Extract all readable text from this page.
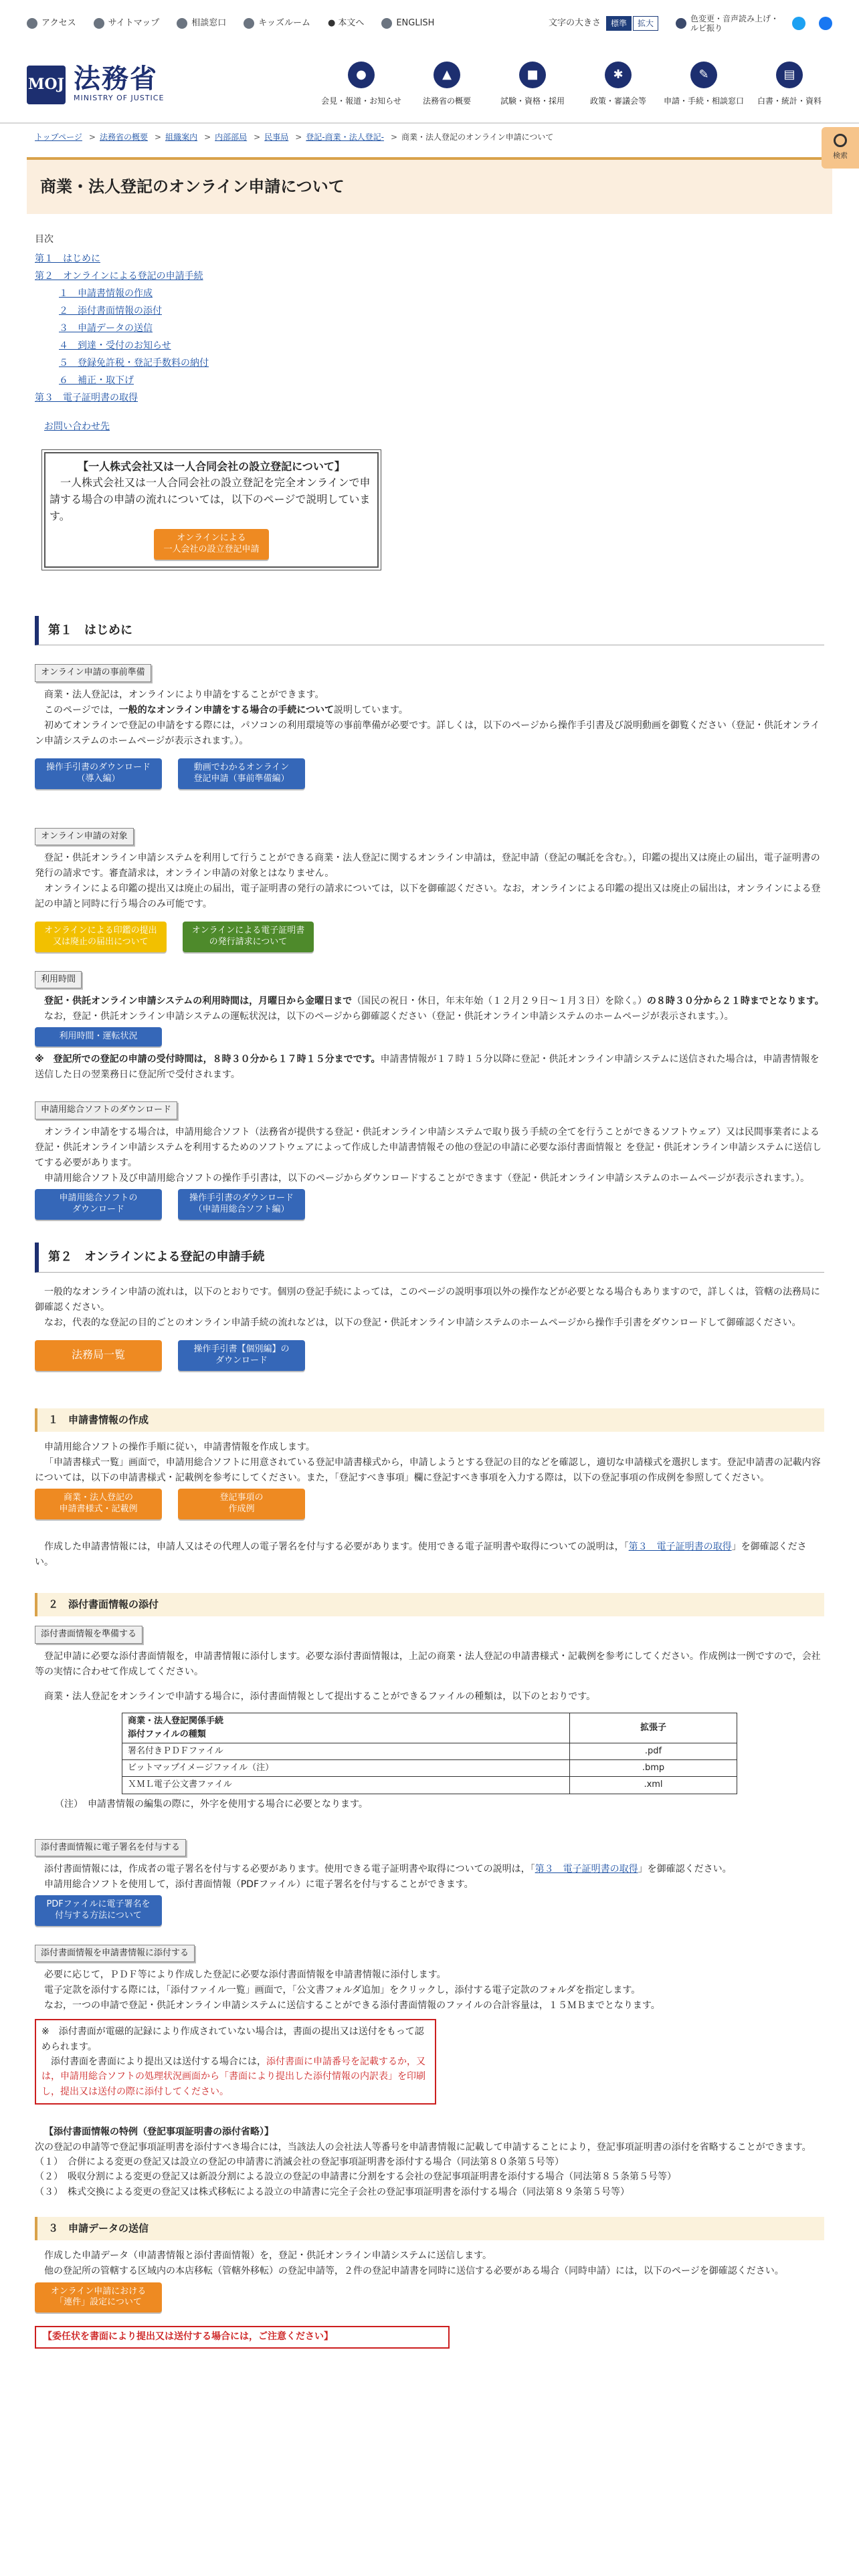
アクセス	サイトマップ	相談窓口	キッズルーム ● 本文へ	ENGLISH	文字の大きさ	標準	拡大
色変更・音声読み上げ・
ルビ振り
MOJ 法務省
MINISTRY OF JUSTICE
●
会見・報道・お知らせ
▲
法務省の概要
■
試験・資格・採用
✱
政策・審議会等
✎
申請・手続・相談窓口
▤
白書・統計・資料
トップページ > 法務省の概要 > 組織案内 > 内部部局 > 民事局 > 登記-商業・法人登記- > 商業・法人登記のオンライン申請について
検索
商業・法人登記のオンライン申請について
目次
第１　はじめに
第２　オンラインによる登記の申請手続
１　申請書情報の作成
２　添付書面情報の添付
３　申請データの送信
４　到達・受付のお知らせ
５　登録免許税・登記手数料の納付
６　補正・取下げ
第３　電子証明書の取得
お問い合わせ先
【一人株式会社又は一人合同会社の設立登記について】
一人株式会社又は一人合同会社の設立登記を完全オンラインで申請する場合の申請の流れについては，以下のページで説明しています。
オンラインによる
一人会社の設立登記申請
第１　はじめに
オンライン申請の事前準備

商業・法人登記は，オンラインにより申請をすることができます。

このページでは，一般的なオンライン申請をする場合の手続について説明しています。

初めてオンラインで登記の申請をする際には，パソコンの利用環境等の事前準備が必要です。詳しくは，以下のページから操作手引書及び説明動画を御覧ください（登記・供託オンライン申請システムのホームページが表示されます。）。

操作手引書のダウンロード
（導入編）
動画でわかるオンライン
登記申請（事前準備編）
オンライン申請の対象

登記・供託オンライン申請システムを利用して行うことができる商業・法人登記に関するオンライン申請は，登記申請（登記の嘱託を含む。），印鑑の提出又は廃止の届出，電子証明書の発行の請求です。審査請求は，オンライン申請の対象とはなりません。

オンラインによる印鑑の提出又は廃止の届出，電子証明書の発行の請求については，以下を御確認ください。なお，オンラインによる印鑑の提出又は廃止の届出は，オンラインによる登記の申請と同時に行う場合のみ可能です。

オンラインによる印鑑の提出
又は廃止の届出について
オンラインによる電子証明書
の発行請求について
利用時間

登記・供託オンライン申請システムの利用時間は，月曜日から金曜日まで（国民の祝日・休日，年末年始（１２月２９日～１月３日）を除く。）の８時３０分から２１時までとなります。

なお，登記・供託オンライン申請システムの運転状況は，以下のページから御確認ください（登記・供託オンライン申請システムのホームページが表示されます。）。

利用時間・運転状況

※　登記所での登記の申請の受付時間は，８時３０分から１７時１５分までです。申請書情報が１７時１５分以降に登記・供託オンライン申請システムに送信された場合は，申請書情報を送信した日の翌業務日に登記所で受付されます。

申請用総合ソフトのダウンロード

オンライン申請をする場合は，申請用総合ソフト（法務省が提供する登記・供託オンライン申請システムで取り扱う手続の全てを行うことができるソフトウェア）又は民間事業者による登記・供託オンライン申請システムを利用するためのソフトウェアによって作成した申請書情報その他の登記の申請に必要な添付書面情報と を登記・供託オンライン申請システムに送信してする必要があります。

申請用総合ソフト及び申請用総合ソフトの操作手引書は，以下のページからダウンロードすることができます（登記・供託オンライン申請システムのホームページが表示されます。）。

申請用総合ソフトの
ダウンロード
操作手引書のダウンロード
（申請用総合ソフト編）
第２　オンラインによる登記の申請手続

一般的なオンライン申請の流れは，以下のとおりです。個別の登記手続によっては，このページの説明事項以外の操作などが必要となる場合もありますので，詳しくは，管轄の法務局に御確認ください。

なお，代表的な登記の目的ごとのオンライン申請手続の流れなどは，以下の登記・供託オンライン申請システムのホームページから操作手引書をダウンロードして御確認ください。

法務局一覧	操作手引書【個別編】の
ダウンロード
１　申請書情報の作成

申請用総合ソフトの操作手順に従い，申請書情報を作成します。

「申請書様式一覧」画面で，申請用総合ソフトに用意されている登記申請書様式から，申請しようとする登記の目的などを確認し，適切な申請様式を選択します。登記申請書の記載内容については，以下の申請書様式・記載例を参考にしてください。また，「登記すべき事項」欄に登記すべき事項を入力する際は，以下の登記事項の作成例を参照してください。

商業・法人登記の
申請書様式・記載例
登記事項の
作成例

作成した申請書情報には，申請人又はその代理人の電子署名を付与する必要があります。使用できる電子証明書や取得についての説明は，「第３　電子証明書の取得」を御確認ください。

２　添付書面情報の添付
添付書面情報を準備する

登記申請に必要な添付書面情報を，申請書情報に添付します。必要な添付書面情報は，上記の商業・法人登記の申請書様式・記載例を参考にしてください。作成例は一例ですので，会社等の実情に合わせて作成してください。

商業・法人登記をオンラインで申請する場合に，添付書面情報として提出することができるファイルの種類は，以下のとおりです。

商業・法人登記関係手続
添付ファイルの種類	拡張子
署名付きＰＤＦファイル	.pdf
ビットマップイメージファイル（注）	.bmp
ＸＭＬ電子公文書ファイル	.xml

（注）　申請書情報の編集の際に，外字を使用する場合に必要となります。

添付書面情報に電子署名を付与する

添付書面情報には，作成者の電子署名を付与する必要があります。使用できる電子証明書や取得についての説明は，「第３　電子証明書の取得」を御確認ください。

申請用総合ソフトを使用して，添付書面情報（PDFファイル）に電子署名を付与することができます。

PDFファイルに電子署名を
付与する方法について
添付書面情報を申請書情報に添付する

必要に応じて，ＰＤＦ等により作成した登記に必要な添付書面情報を申請書情報に添付します。

電子定款を添付する際には，「添付ファイル一覧」画面で，「公文書フォルダ追加」をクリックし，添付する電子定款のフォルダを指定します。

なお，一つの申請で登記・供託オンライン申請システムに送信することができる添付書面情報のファイルの合計容量は，１５ＭＢまでとなります。

※　添付書面が電磁的記録により作成されていない場合は，書面の提出又は送付をもって認められます。
添付書面を書面により提出又は送付する場合には，添付書面に申請番号を記載するか，又は，申請用総合ソフトの処理状況画面から「書面により提出した添付情報の内訳表」を印刷し，提出又は送付の際に添付してください。
【添付書面情報の特例（登記事項証明書の添付省略）】
次の登記の申請等で登記事項証明書を添付すべき場合には，当該法人の会社法人等番号を申請書情報に記載して申請することにより，登記事項証明書の添付を省略することができます。
（１）　合併による変更の登記又は設立の登記の申請書に消滅会社の登記事項証明書を添付する場合（同法第８０条第５号等）
（２）　吸収分割による変更の登記又は新設分割による設立の登記の申請書に分割をする会社の登記事項証明書を添付する場合（同法第８５条第５号等）
（３）　株式交換による変更の登記又は株式移転による設立の申請書に完全子会社の登記事項証明書を添付する場合（同法第８９条第５号等）
３　申請データの送信

作成した申請データ（申請書情報と添付書面情報）を，登記・供託オンライン申請システムに送信します。

他の登記所の管轄する区域内の本店移転（管轄外移転）の登記申請等，２件の登記申請書を同時に送信する必要がある場合（同時申請）には，以下のページを御確認ください。

オンライン申請における
「連件」設定について
【委任状を書面により提出又は送付する場合には，ご注意ください】
